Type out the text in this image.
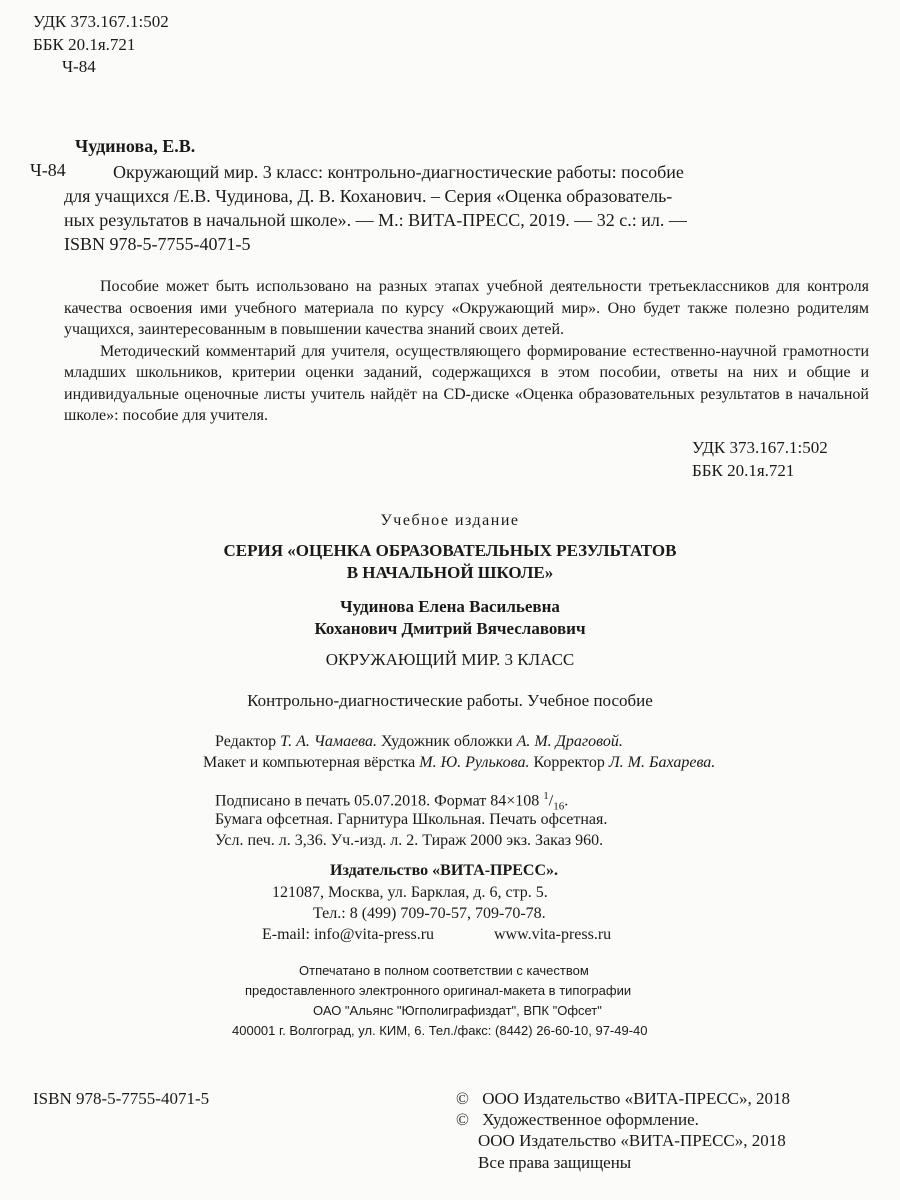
УДК 373.167.1:502
ББК 20.1я.721
Ч-84
Чудинова, Е.В.
Ч-84	Окружающий мир. 3 класс: контрольно-диагностические работы: пособие
для учащихся /Е.В. Чудинова, Д. В. Коханович. – Серия «Оценка образователь-
ных результатов в начальной школе». — М.: ВИТА-ПРЕСС, 2019. — 32 с.: ил. —
ISBN 978-5-7755-4071-5

Пособие может быть использовано на разных этапах учебной деятельности третьеклассников для контроля качества освоения ими учебного материала по курсу «Окружающий мир». Оно будет также полезно родителям учащихся, заинтересованным в повышении качества знаний своих детей.

Методический комментарий для учителя, осуществляющего формирование естественно-научной грамотности младших школьников, критерии оценки заданий, содержащихся в этом пособии, ответы на них и общие и индивидуальные оценочные листы учитель найдёт на CD-диске «Оценка образовательных результатов в начальной школе»: пособие для учителя.

УДК 373.167.1:502
ББК 20.1я.721
Учебное издание
СЕРИЯ «ОЦЕНКА ОБРАЗОВАТЕЛЬНЫХ РЕЗУЛЬТАТОВ
В НАЧАЛЬНОЙ ШКОЛЕ»
Чудинова Елена Васильевна
Коханович Дмитрий Вячеславович
ОКРУЖАЮЩИЙ МИР. 3 КЛАСС
Контрольно-диагностические работы. Учебное пособие
Редактор Т. А. Чамаева. Художник обложки А. М. Драговой.
Макет и компьютерная вёрстка М. Ю. Рулькова. Корректор Л. М. Бахарева.
Подписано в печать 05.07.2018. Формат 84×108 $^1/_{16}$.
Бумага офсетная. Гарнитура Школьная. Печать офсетная.
Усл. печ. л. 3,36. Уч.-изд. л. 2. Тираж 2000 экз. Заказ 960.
Издательство «ВИТА-ПРЕСС».
121087, Москва, ул. Барклая, д. 6, стр. 5.
Тел.: 8 (499) 709-70-57, 709-70-78.
E-mail: info@vita-press.ru	www.vita-press.ru
Отпечатано в полном соответствии с качеством
предоставленного электронного оригинал-макета в типографии
ОАО "Альянс "Югполиграфиздат", ВПК "Офсет"
400001 г. Волгоград, ул. КИМ, 6. Тел./факс: (8442) 26-60-10, 97-49-40
ISBN 978-5-7755-4071-5	© ООО Издательство «ВИТА-ПРЕСС», 2018
© Художественное оформление.
ООО Издательство «ВИТА-ПРЕСС», 2018
Все права защищены
